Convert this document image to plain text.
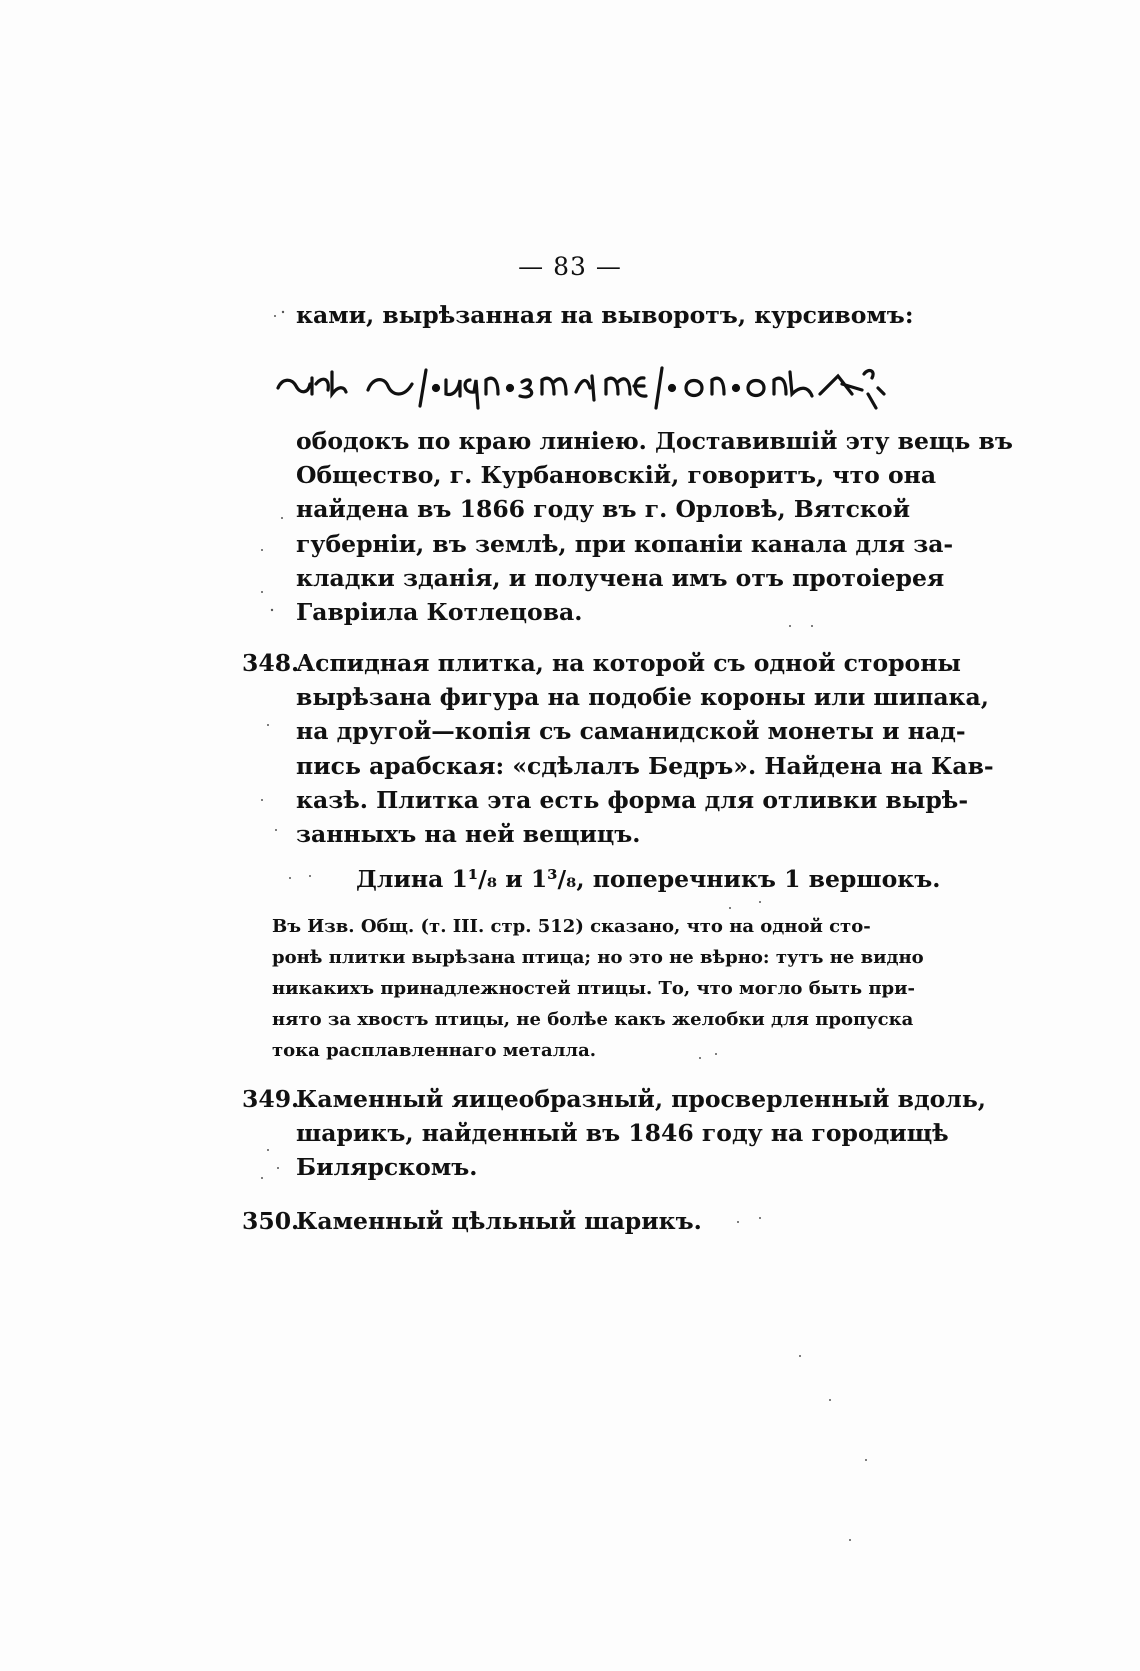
— 83 —
ками, вырѣзанная на выворотъ, курсивомъ:
ᴥrkβ ᘓ|·иqп·зп ξтЄ|·оп·оиᘗ
ободокъ по краю линiею. Доставившiй эту вещь въ
Общество, г. Курбановскiй, говоритъ, что она
найдена въ 1866 году въ г. Орловѣ, Вятской
губернiи, въ землѣ, при копанiи канала для за-
кладки зданiя, и получена имъ отъ протоiерея
Гаврiила Котлецова.
348.
Аспидная плитка, на которой съ одной стороны
вырѣзана фигура на подобiе короны или шипака,
на другой—копiя съ саманидской монеты и над-
пись арабская: «сдѣлалъ Бедръ». Найдена на Кав-
казѣ. Плитка эта есть форма для отливки вырѣ-
занныхъ на ней вещицъ.
Длина 1¹/₈ и 1³/₈, поперечникъ 1 вершокъ.
Въ Изв. Общ. (т. III. стр. 512) сказано, что на одной сто-
ронѣ плитки вырѣзана птица; но это не вѣрно: тутъ не видно
никакихъ принадлежностей птицы. То, что могло быть при-
нято за хвостъ птицы, не болѣе какъ желобки для пропуска
тока расплавленнаго металла.
349.
Каменный яицеобразный, просверленный вдоль,
шарикъ, найденный въ 1846 году на городищѣ
Билярскомъ.
350.
Каменный цѣльный шарикъ.
